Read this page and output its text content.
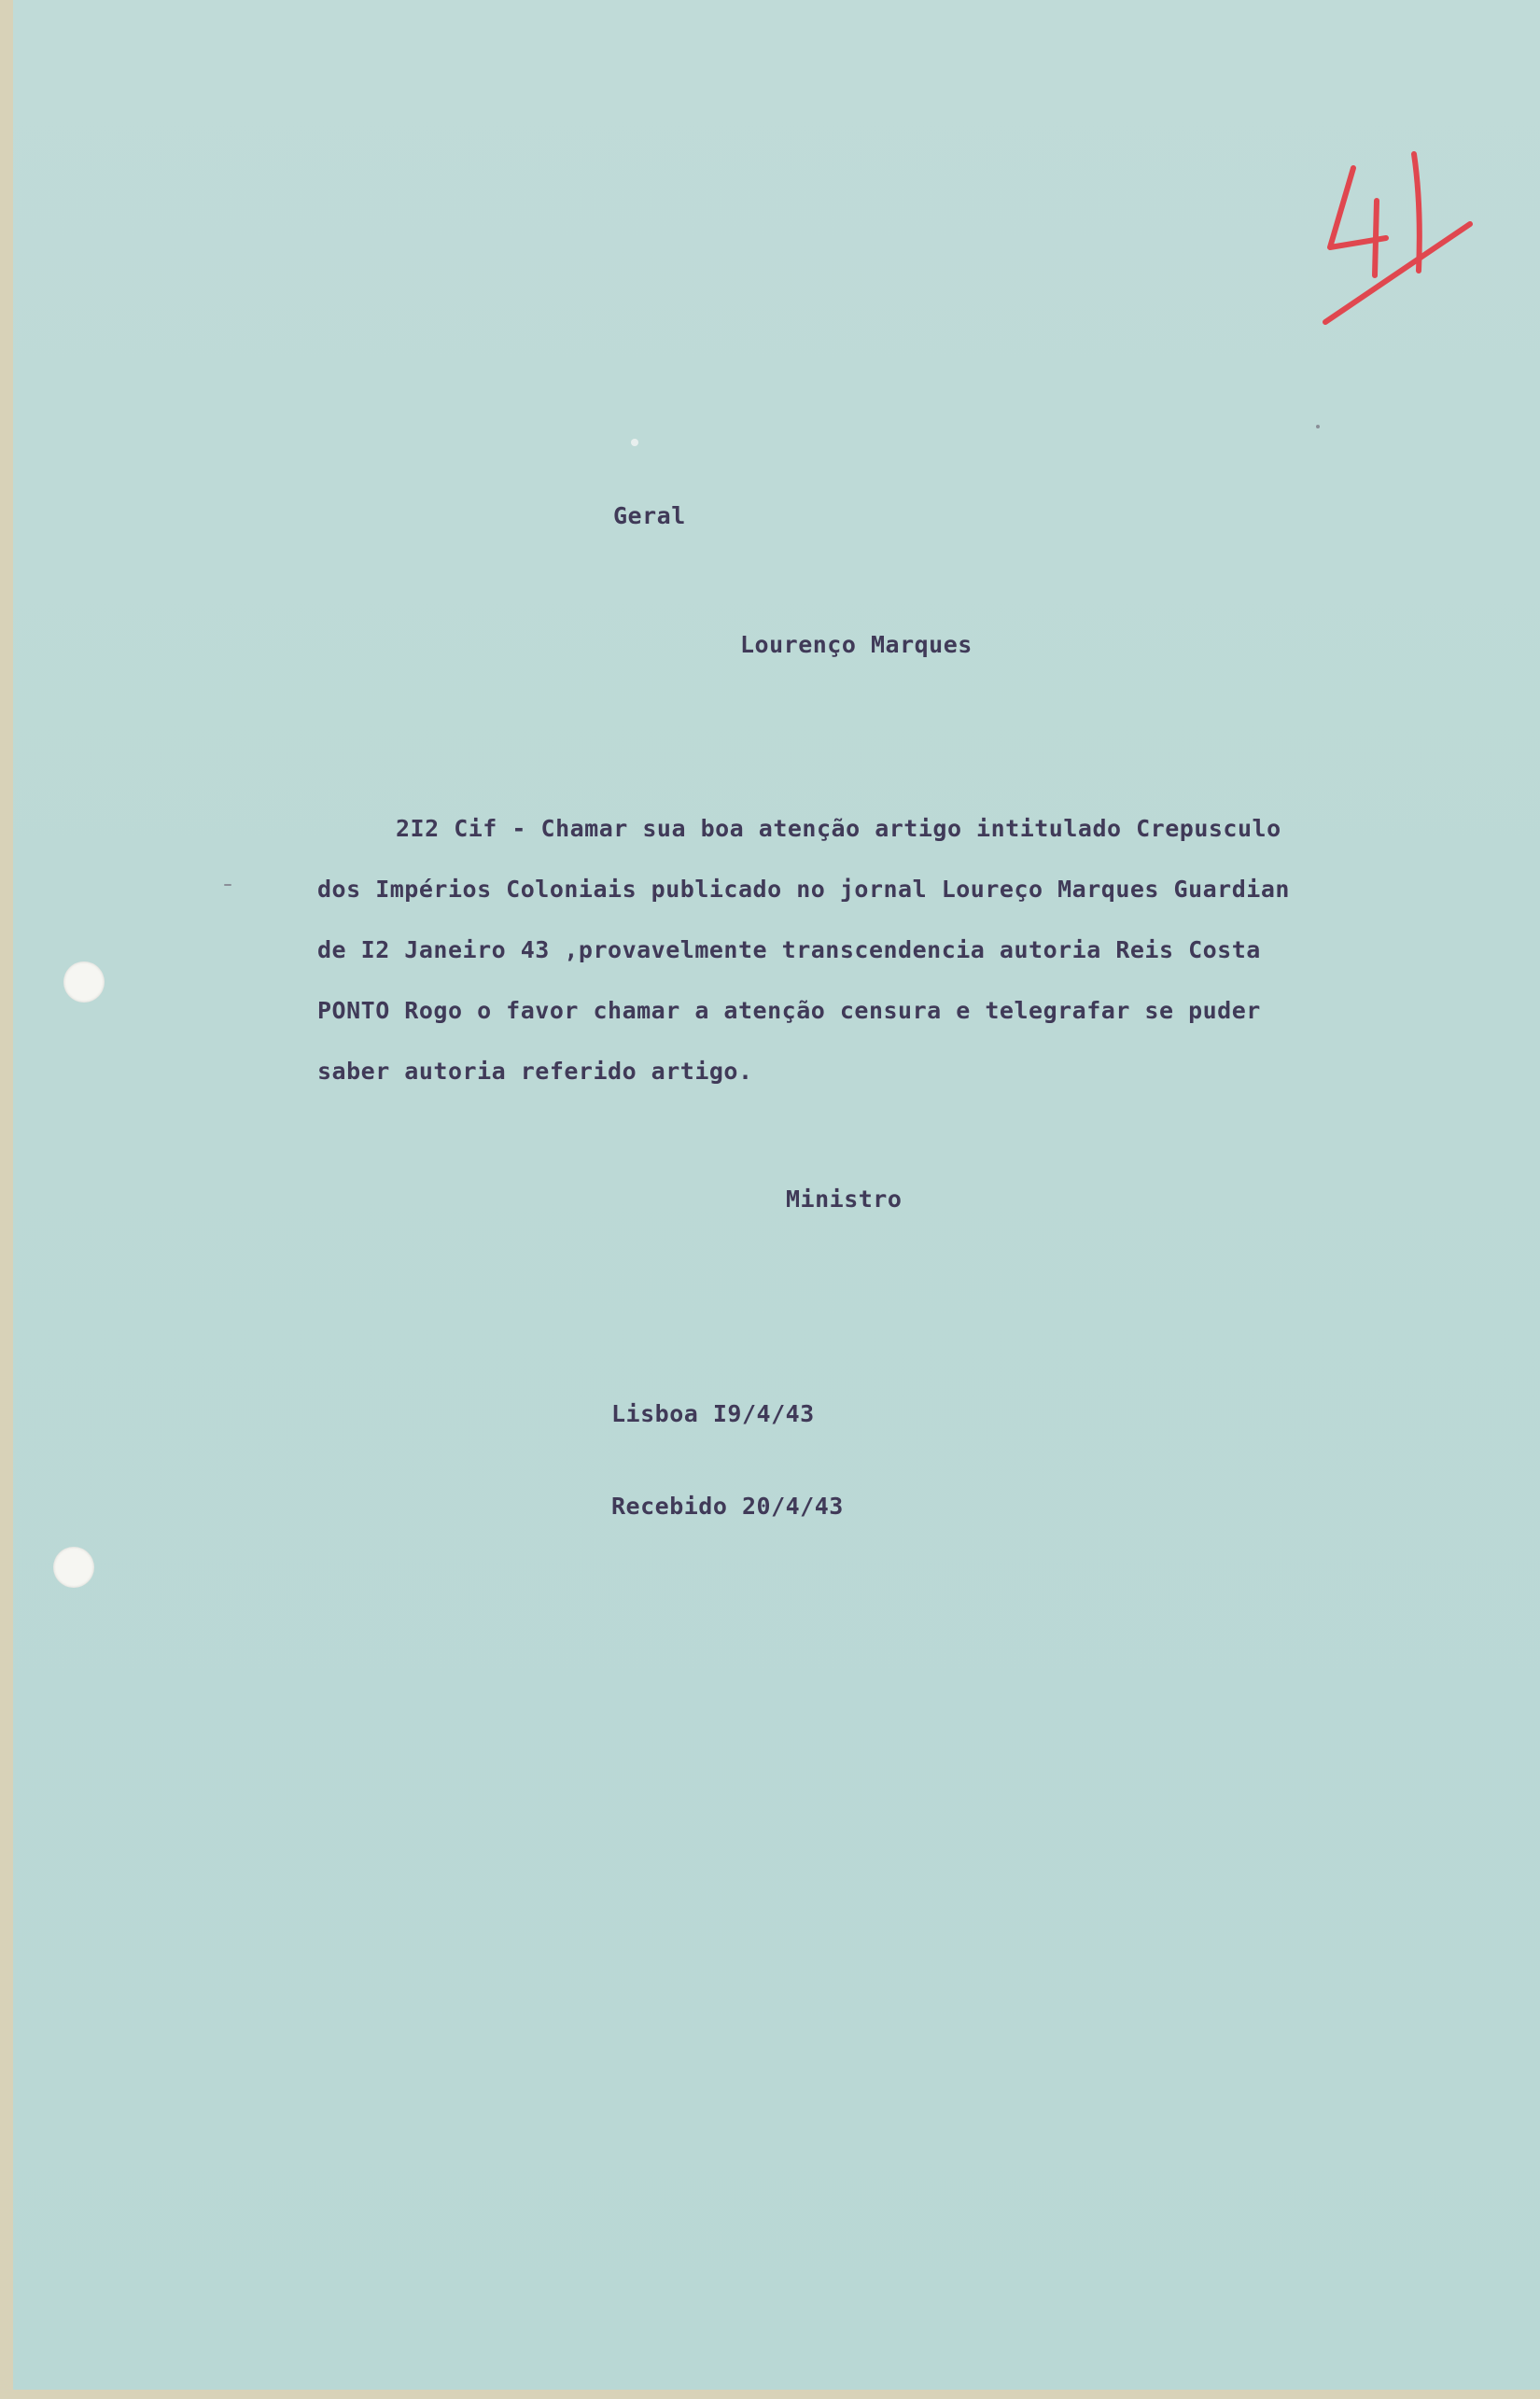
Geral
Lourenço Marques
2I2 Cif - Chamar sua boa atenção artigo intitulado Crepusculo
dos Impérios Coloniais publicado no jornal Loureço Marques Guardian
de I2 Janeiro 43 ,provavelmente transcendencia autoria Reis Costa
PONTO Rogo o favor chamar a atenção censura e telegrafar se puder
saber autoria referido artigo.
Ministro
Lisboa I9/4/43
Recebido 20/4/43
